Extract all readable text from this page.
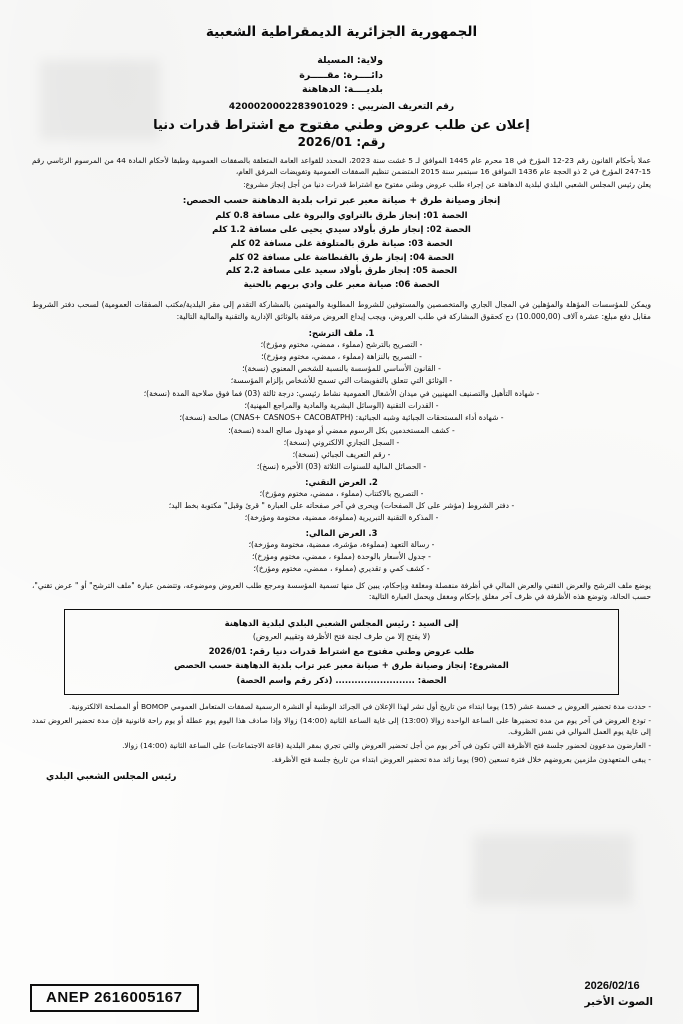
الجمهورية الجزائرية الديمقراطية الشعبية
ولاية: المسيلة
دائــــرة: مقـــــرة
بلديــــة: الدهاهنة
رقم التعريف الضريبي : 4200020002283901029
إعلان عن طلب عروض وطني مفتوح مع اشتراط قدرات دنيا
رقم: 2026/01
عملا بأحكام القانون رقم 23-12 المؤرخ في 18 محرم عام 1445 الموافق لـ 5 غشت سنة 2023، المحدد للقواعد العامة المتعلقة بالصفقات العمومية وطبقا لأحكام المادة 44 من المرسوم الرئاسي رقم 15-247 المؤرخ في 2 ذو الحجة عام 1436 الموافق 16 سبتمبر سنة 2015 المتضمن تنظيم الصفقات العمومية وتفويضات المرفق العام،
يعلن رئيس المجلس الشعبي البلدي لبلدية الدهاهنة عن إجراء طلب عروض وطني مفتوح مع اشتراط قدرات دنيا من أجل إنجاز مشروع:
إنجاز وصيانة طرق + صيانة معبر عبر تراب بلدية الدهاهنة حسب الحصص:
الحصة 01: إنجاز طرق بالتراوي والبروة على مسافة 0.8 كلم
الحصة 02: إنجاز طرق بأولاد سيدي يحيى على مسافة 1.2 كلم
الحصة 03: صيانة طرق بالمتلوفة على مسافة 02 كلم
الحصة 04: إنجاز طرق بالقنطاضة على مسافة 02 كلم
الحصة 05: إنجاز طرق بأولاد سعيد على مسافة 2.2 كلم
الحصة 06: صيانة معبر على وادي بريهم بالحنية
ويمكن للمؤسسات المؤهلة والمؤهلين في المجال الجاري والمتخصصين والمستوفين للشروط المطلوبة والمهتمين بالمشاركة التقدم إلى مقر البلدية/مكتب الصفقات العمومية) لسحب دفتر الشروط مقابل دفع مبلغ: عشرة آلاف (10.000,00) دج كحقوق المشاركة في طلب العروض، ويجب إيداع العروض مرفقة بالوثائق الإدارية والتقنية والمالية التالية:
1. ملف الترشح:
- التصريح بالترشح (مملوء ، ممضي، مختوم ومؤرخ)؛
- التصريح بالنزاهة (مملوء ، ممضي، مختوم ومؤرخ)؛
- القانون الأساسي للمؤسسة بالنسبة للشخص المعنوي (نسخة)؛
- الوثائق التي تتعلق بالتفويضات التي تسمح للأشخاص بإلزام المؤسسة؛
- شهادة التأهيل والتصنيف المهنيين في ميدان الأشغال العمومية نشاط رئيسي: درجة ثالثة (03) فما فوق صلاحية المدة (نسخة)؛
- القدرات التقنية (الوسائل البشرية والمادية والمراجع المهنية)؛
- شهادة أداء المستحقات الجبائية وشبه الجبائية: (CNAS+ CASNOS+ CACOBATPH) صالحة (نسخة)؛
- كشف المستخدمين بكل الرسوم ممضي أو مهدول صالح المدة (نسخة)؛
- السجل التجاري الالكتروني (نسخة)؛
- رقم التعريف الجبائي (نسخة)؛
- الحصائل المالية للسنوات الثلاثة (03) الأخيرة (نسخ)؛
2. العرض التقني:
- التصريح بالاكتتاب (مملوء ، ممضي، مختوم ومؤرخ)؛
- دفتر الشروط (مؤشر على كل الصفحات) ويحرى في آخر صفحاته على العبارة " قرئ وقبل" مكتوبة بخط اليد؛
- المذكرة التقنية التبريرية (مملوءة، ممضية، مختومة ومؤرخة)؛
3. العرض المالي:
- رسالة التعهد (مملوءة، مؤشرة، ممضية، مختومة ومؤرخة)؛
- جدول الأسعار بالوحدة (مملوء ، ممضي، مختوم ومؤرخ)؛
- كشف كمي و تقديري (مملوء ، ممضي، مختوم ومؤرخ)؛
يوضع ملف الترشح والعرض التقني والعرض المالي في أظرفة منفصلة ومغلقة وبإحكام، يبين كل منها تسمية المؤسسة ومرجع طلب العروض وموضوعه، وتتضمن عبارة "ملف الترشح" أو " عرض تقني"، حسب الحالة، وتوضع هذه الأظرفة في ظرف آخر مغلق بإحكام ومغفل ويحمل العبارة التالية:
إلى السيد : رئيس المجلس الشعبي البلدي لبلدية الدهاهنة
(لا يفتح إلا من طرف لجنة فتح الأظرفة وتقييم العروض)
طلب عروض وطني مفتوح مع اشتراط قدرات دنيا رقم: 2026/01
المشروع: إنجاز وصيانة طرق + صيانة معبر عبر تراب بلدية الدهاهنة حسب الحصص
الحصة: ......................... (ذكر رقم واسم الحصة)

- حددت مدة تحضير العروض بـِ خمسة عشر (15) يوما ابتداء من تاريخ أول نشر لهذا الإعلان في الجرائد الوطنية أو النشرة الرسمية لصفقات المتعامل العمومي BOMOP أو المصلحة الالكترونية.

- تودع العروض في آخر يوم من مدة تحضيرها على الساعة الواحدة زوالا (13:00) إلى غاية الساعة الثانية (14:00) زوالا وإذا صادف هذا اليوم يوم عطلة أو يوم راحة قانونية فإن مدة تحضير العروض تمدد إلى غاية يوم العمل الموالي في نفس الظروف.

- العارضون مدعوون لحضور جلسة فتح الأظرفة التي تكون في آخر يوم من أجل تحضير العروض والتي تجري بمقر البلدية (قاعة الاجتماعات) على الساعة الثانية (14:00) زوالا.

- يبقى المتعهدون ملزمين بعروضهم خلال فترة تسعين (90) يوما زائد مدة تحضير العروض ابتداء من تاريخ جلسة فتح الأظرفة.

رئيس المجلس الشعبي البلدي
ANEP 2616005167
2026/02/16
الصوت الأخبر
